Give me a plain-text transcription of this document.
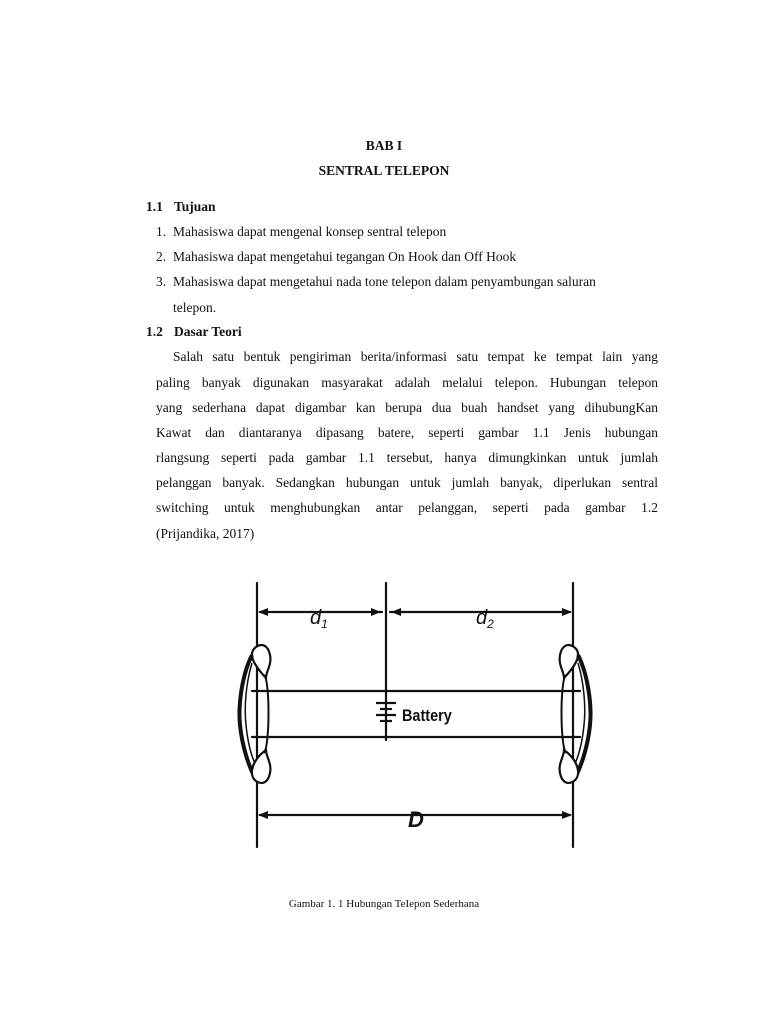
BAB I
SENTRAL TELEPON
1.1 Tujuan
1. Mahasiswa dapat mengenal konsep sentral telepon
2. Mahasiswa dapat mengetahui tegangan On Hook dan Off Hook
3. Mahasiswa dapat mengetahui nada tone telepon dalam penyambungan saluran
telepon.
1.2 Dasar Teori
Salah satu bentuk pengiriman berita/informasi satu tempat ke tempat lain yang
paling banyak digunakan masyarakat adalah melalui telepon. Hubungan telepon
yang sederhana dapat digambar kan berupa dua buah handset yang dihubungKan
Kawat dan diantaranya dipasang batere, seperti gambar 1.1 Jenis hubungan
rlangsung seperti pada gambar 1.1 tersebut, hanya dimungkinkan untuk jumlah
pelanggan banyak. Sedangkan hubungan untuk jumlah banyak, diperlukan sentral
switching untuk menghubungkan antar pelanggan, seperti pada gambar 1.2
(Prijandika, 2017)
$d_1$	$d_2$
Battery
D
Gambar 1. 1 Hubungan TeIepon Sederhana
